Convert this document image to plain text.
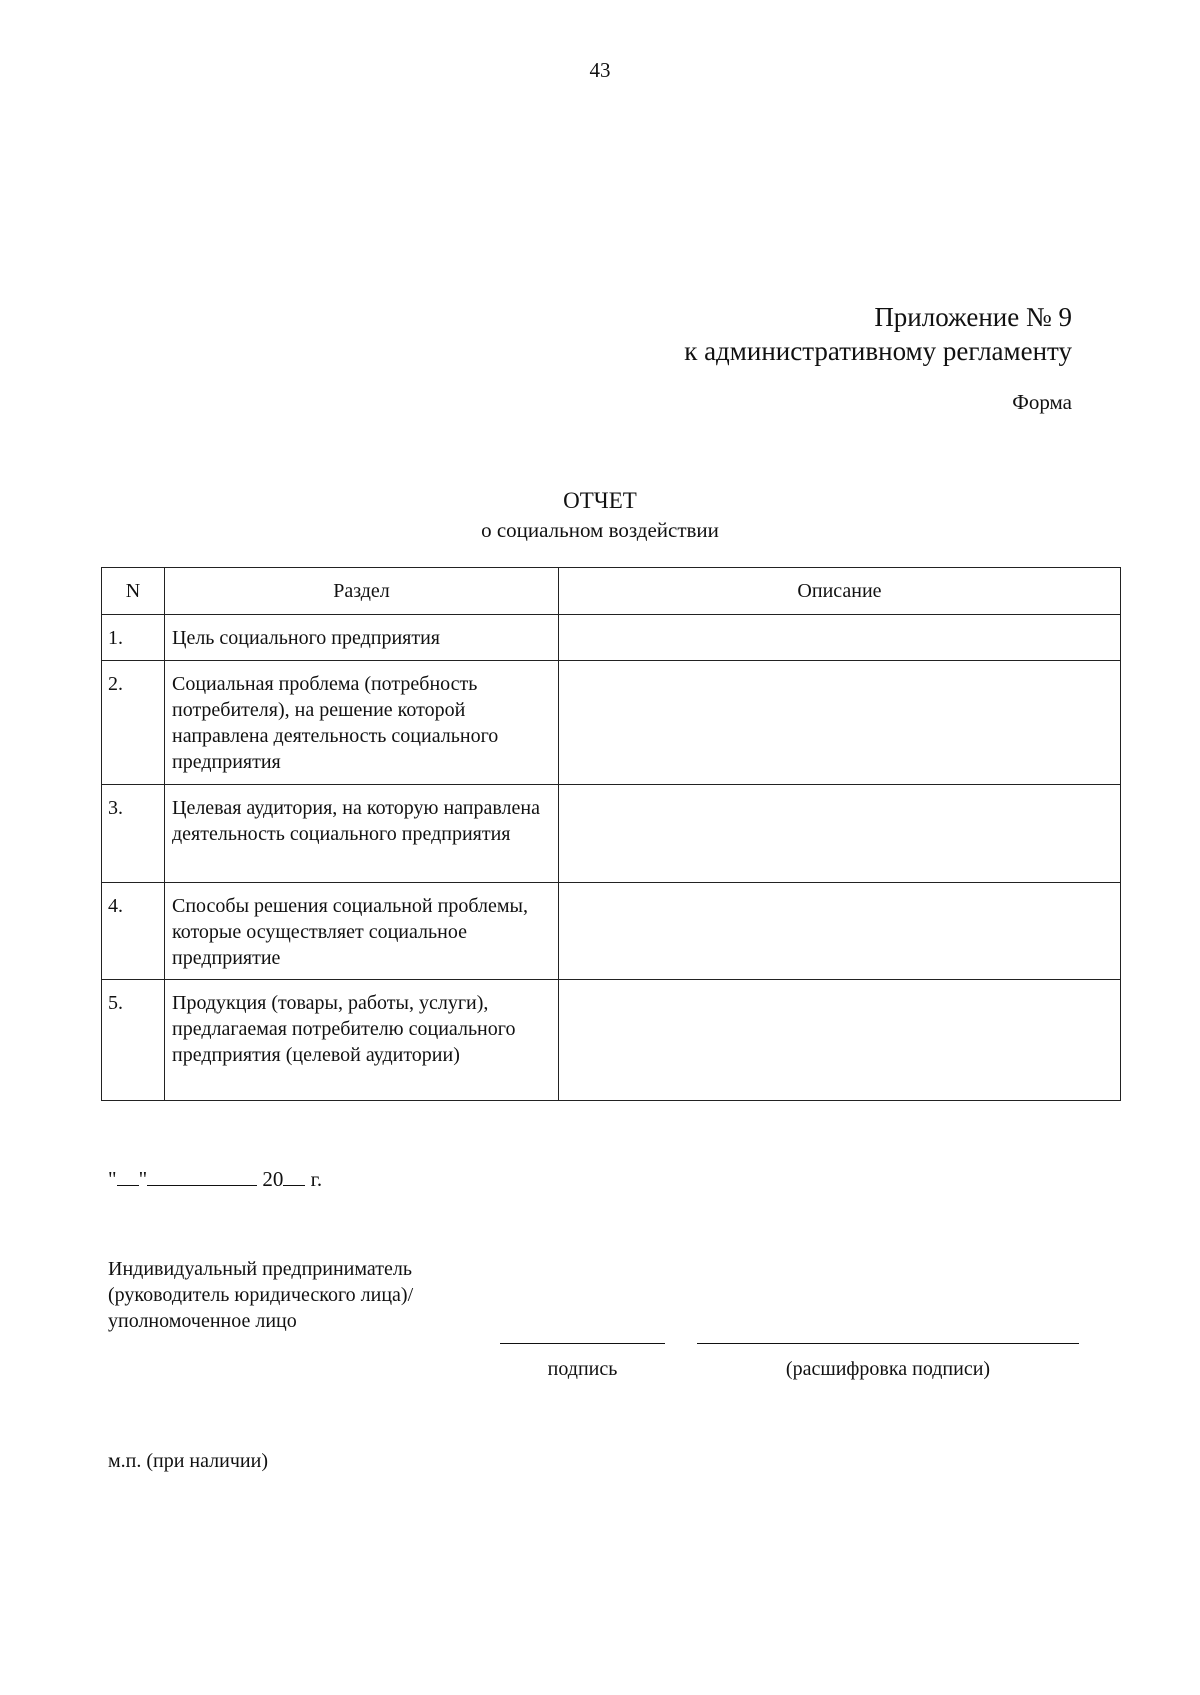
43
Приложение № 9
к административному регламенту
Форма
ОТЧЕТ
о социальном воздействии
N	Раздел	Описание
1.	Цель социального предприятия	
2.	Социальная проблема (потребность потребителя), на решение которой направлена деятельность социального предприятия	
3.	Целевая аудитория, на которую направлена деятельность социального предприятия	
4.	Способы решения социальной проблемы, которые осуществляет социальное предприятие	
5.	Продукция (товары, работы, услуги), предлагаемая потребителю социального предприятия (целевой аудитории)	
" "	20 г.
Индивидуальный предприниматель (руководитель юридического лица)/уполномоченное лицо
подпись	(расшифровка подписи)
м.п. (при наличии)
